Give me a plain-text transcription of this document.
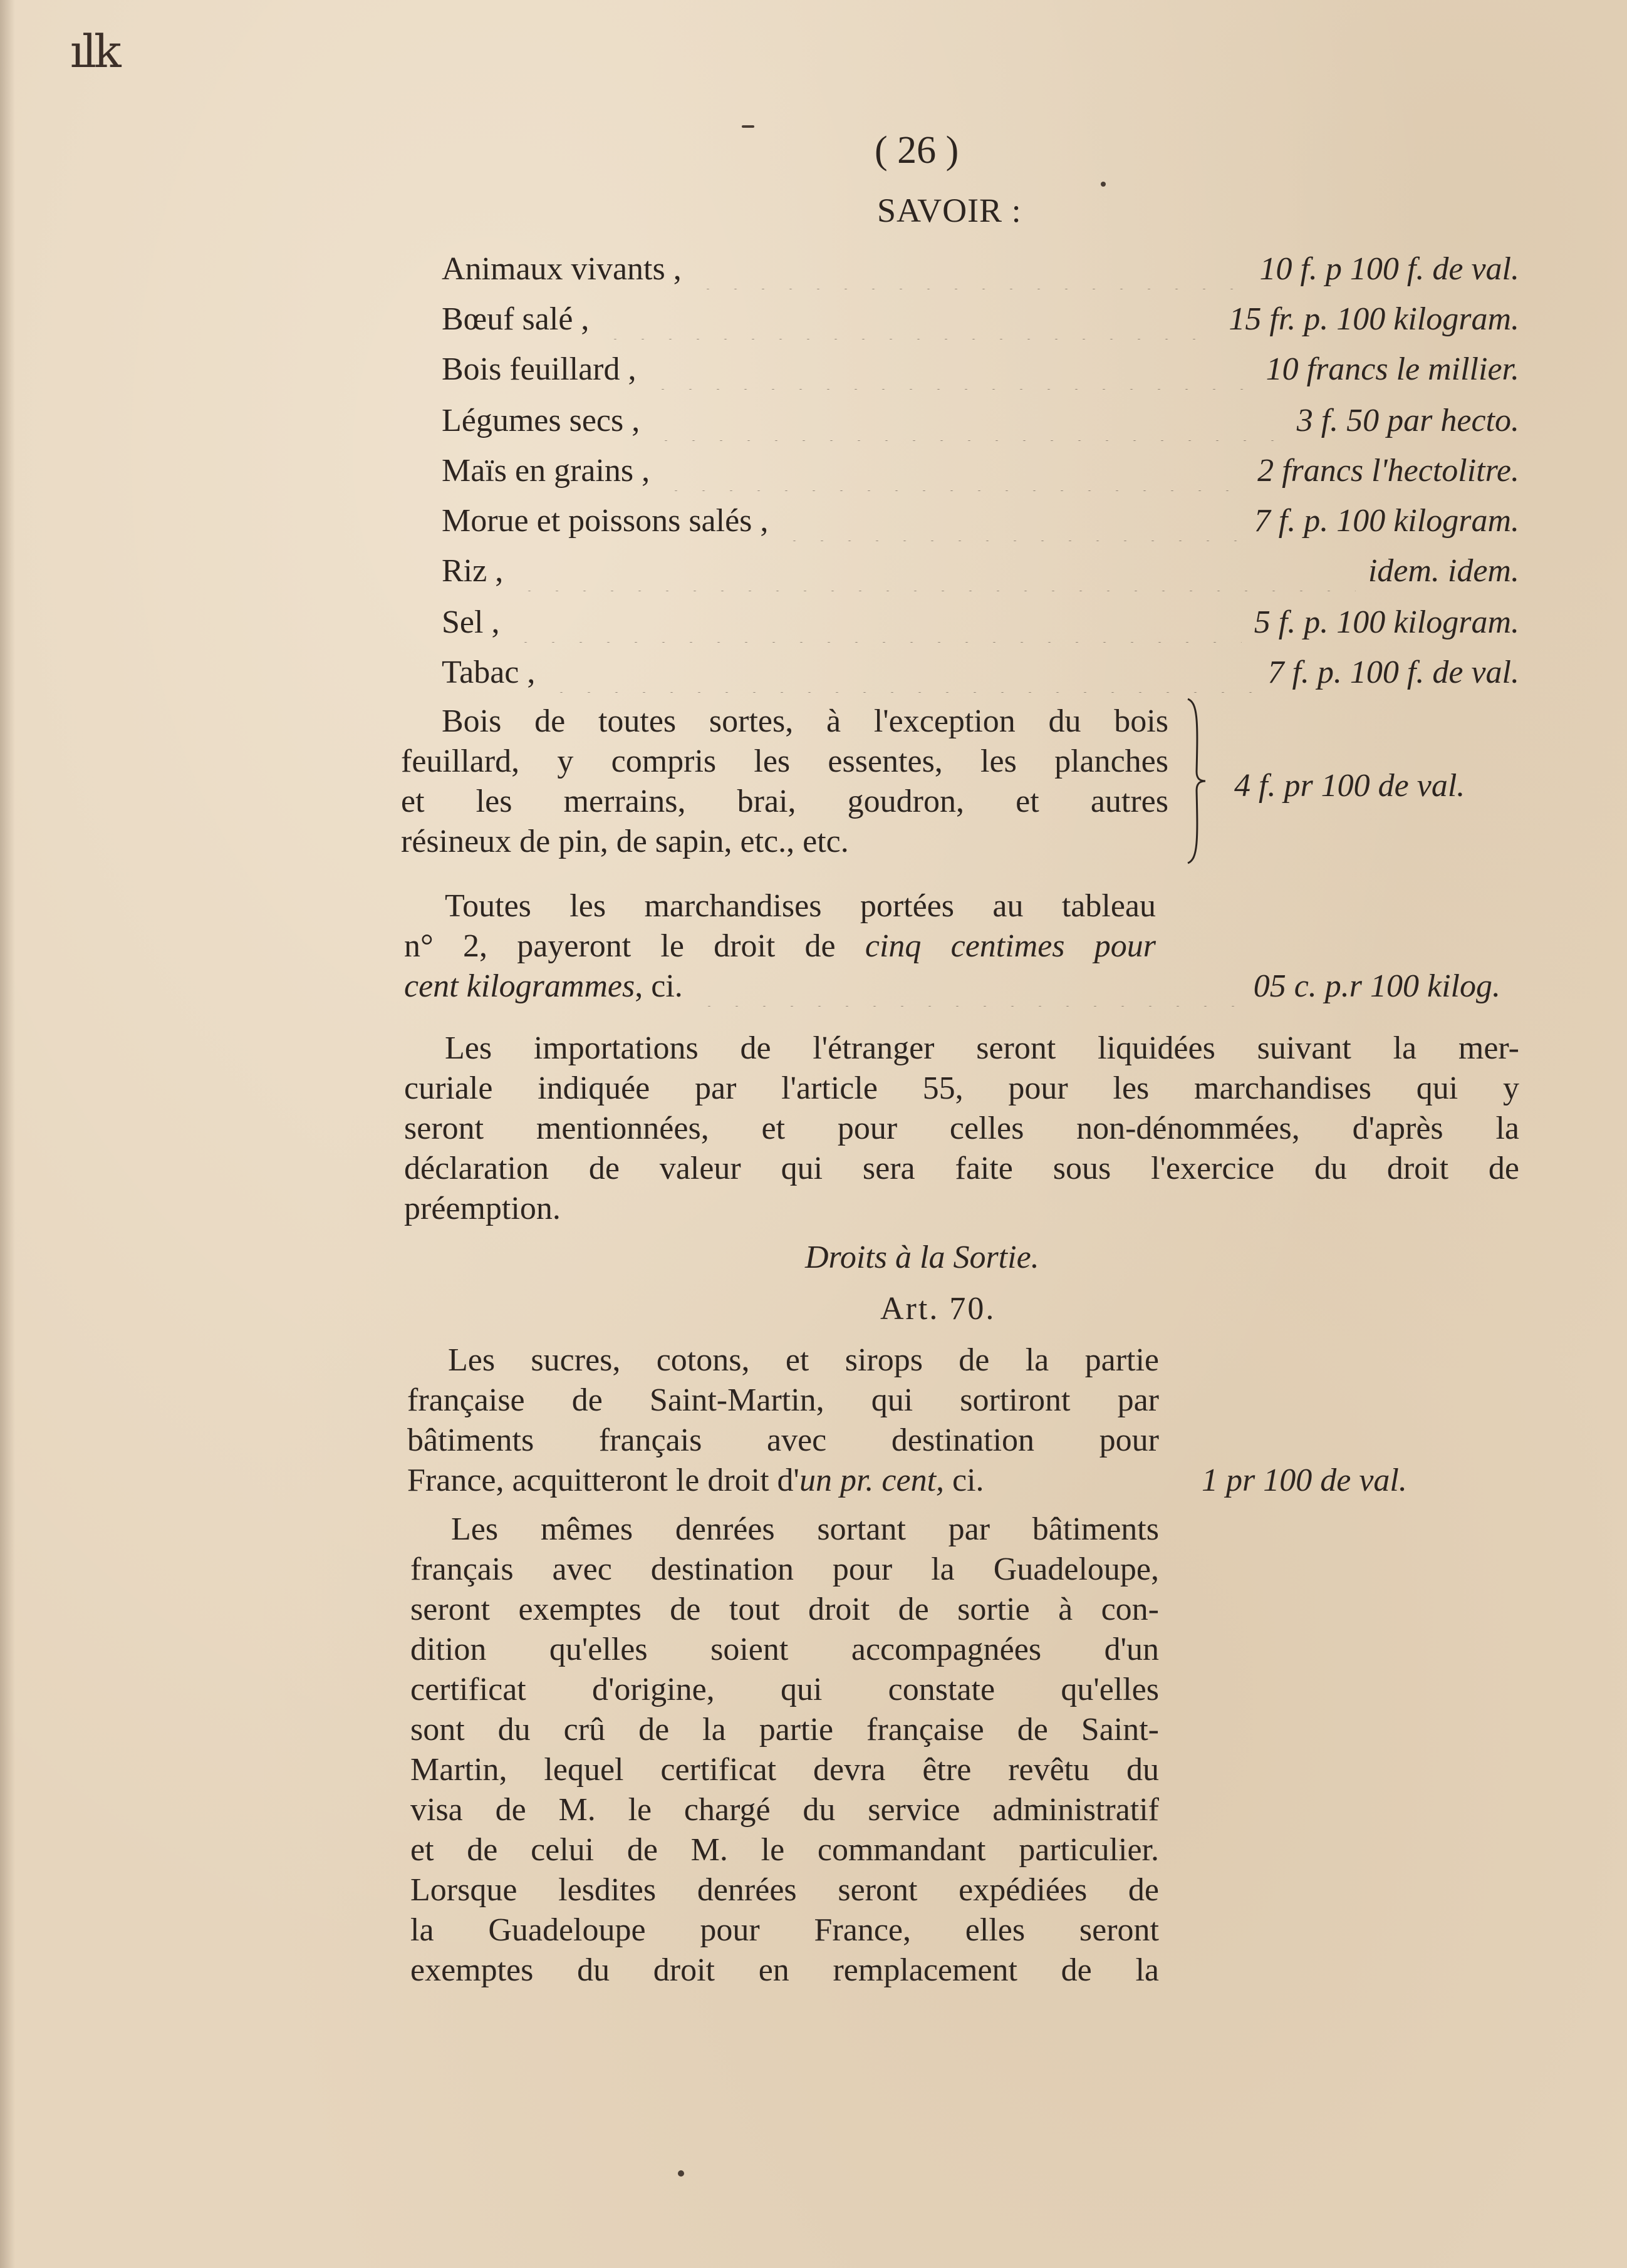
ılk
( 26 )
SAVOIR :
Animaux vivants ,	10 f. p 100 f. de val.
Bœuf salé ,	15 fr. p. 100 kilogram.
Bois feuillard ,	10 francs le millier.
Légumes secs ,	3 f. 50 par hecto.
Maïs en grains ,	2 francs l'hectolitre.
Morue et poissons salés ,	7 f. p. 100 kilogram.
Riz ,	idem. idem.
Sel ,	5 f. p. 100 kilogram.
Tabac ,	7 f. p. 100 f. de val.
Bois de toutes sortes, à l'exception du bois
feuillard, y compris les essentes, les planches
et les merrains, brai, goudron, et autres
résineux de pin, de sapin, etc., etc.
4 f. pr 100 de val.
Toutes les marchandises portées au tableau
n° 2, payeront le droit de cinq centimes pour
cent kilogrammes, ci.	05 c. p.r 100 kilog.
Les importations de l'étranger seront liquidées suivant la mer-
curiale indiquée par l'article 55, pour les marchandises qui y
seront mentionnées, et pour celles non-dénommées, d'après la
déclaration de valeur qui sera faite sous l'exercice du droit de
préemption.
Droits à la Sortie.
Art. 70.
Les sucres, cotons, et sirops de la partie
française de Saint-Martin, qui sortiront par
bâtiments français avec destination pour
France, acquitteront le droit d'un pr. cent, ci.	1 pr 100 de val.
Les mêmes denrées sortant par bâtiments
français avec destination pour la Guadeloupe,
seront exemptes de tout droit de sortie à con-
dition qu'elles soient accompagnées d'un
certificat d'origine, qui constate qu'elles
sont du crû de la partie française de Saint-
Martin, lequel certificat devra être revêtu du
visa de M. le chargé du service administratif
et de celui de M. le commandant particulier.
Lorsque lesdites denrées seront expédiées de
la Guadeloupe pour France, elles seront
exemptes du droit en remplacement de la
